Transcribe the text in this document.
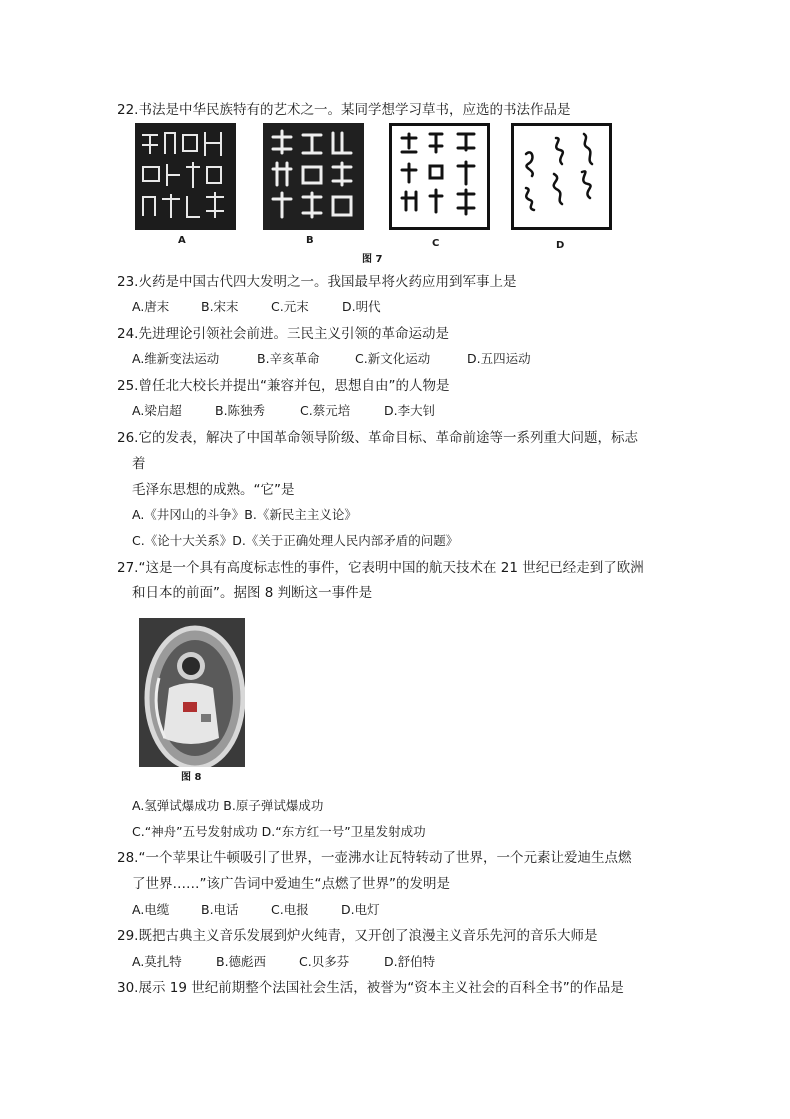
22.书法是中华民族特有的艺术之一。某同学想学习草书，应选的书法作品是
A	B	C	D
图 7
23.火药是中国古代四大发明之一。我国最早将火药应用到军事上是
A.唐末	B.宋末	C.元末	D.明代
24.先进理论引领社会前进。三民主义引领的革命运动是
A.维新变法运动	B.辛亥革命	C.新文化运动	D.五四运动
25.曾任北大校长并提出“兼容并包，思想自由”的人物是
A.梁启超	B.陈独秀	C.蔡元培	D.李大钊
26.它的发表，解决了中国革命领导阶级、革命目标、革命前途等一系列重大问题，标志
着
毛泽东思想的成熟。“它”是
A.《井冈山的斗争》B.《新民主主义论》
C.《论十大关系》D.《关于正确处理人民内部矛盾的问题》
27.“这是一个具有高度标志性的事件，它表明中国的航天技术在 21 世纪已经走到了欧洲
和日本的前面”。据图 8 判断这一事件是
图 8
A.氢弹试爆成功 B.原子弹试爆成功
C.“神舟”五号发射成功 D.“东方红一号”卫星发射成功
28.“一个苹果让牛顿吸引了世界，一壶沸水让瓦特转动了世界，一个元素让爱迪生点燃
了世界……”该广告词中爱迪生“点燃了世界”的发明是
A.电缆	B.电话	C.电报	D.电灯
29.既把古典主义音乐发展到炉火纯青，又开创了浪漫主义音乐先河的音乐大师是
A.莫扎特	B.德彪西	C.贝多芬	D.舒伯特
30.展示 19 世纪前期整个法国社会生活，被誉为“资本主义社会的百科全书”的作品是
